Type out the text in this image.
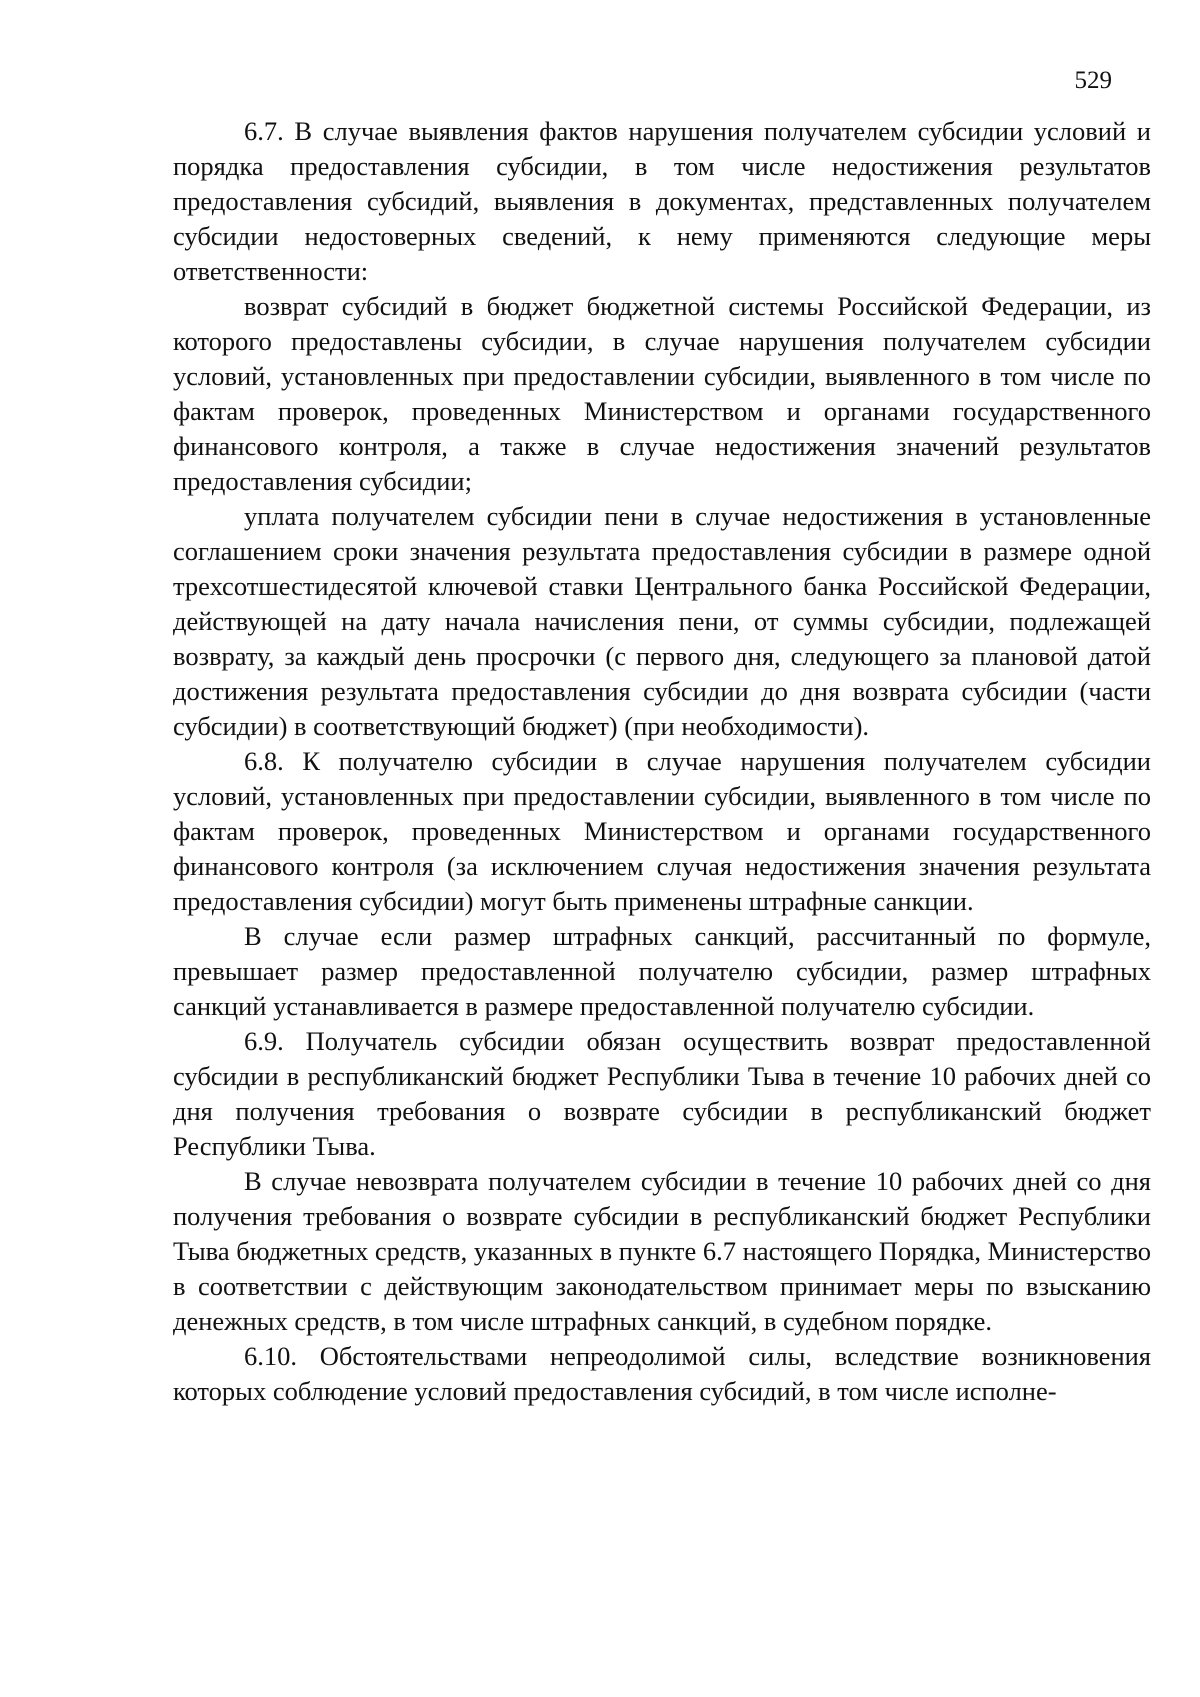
529

6.7. В случае выявления фактов нарушения получателем субсидии условий и порядка предоставления субсидии, в том числе недостижения результатов предоставления субсидий, выявления в документах, представленных получателем субсидии недостоверных сведений, к нему применяются следующие меры ответственности:

возврат субсидий в бюджет бюджетной системы Российской Федерации, из которого предоставлены субсидии, в случае нарушения получателем субсидии условий, установленных при предоставлении субсидии, выявленного в том числе по фактам проверок, проведенных Министерством и органами государственного финансового контроля, а также в случае недостижения значений результатов предоставления субсидии;

уплата получателем субсидии пени в случае недостижения в установленные соглашением сроки значения результата предоставления субсидии в размере одной трехсотшестидесятой ключевой ставки Центрального банка Российской Федерации, действующей на дату начала начисления пени, от суммы субсидии, подлежащей возврату, за каждый день просрочки (с первого дня, следующего за плановой датой достижения результата предоставления субсидии до дня возврата субсидии (части субсидии) в соответствующий бюджет) (при необходимости).

6.8. К получателю субсидии в случае нарушения получателем субсидии условий, установленных при предоставлении субсидии, выявленного в том числе по фактам проверок, проведенных Министерством и органами государственного финансового контроля (за исключением случая недостижения значения результата предоставления субсидии) могут быть применены штрафные санкции.

В случае если размер штрафных санкций, рассчитанный по формуле, превышает размер предоставленной получателю субсидии, размер штрафных санкций устанавливается в размере предоставленной получателю субсидии.

6.9. Получатель субсидии обязан осуществить возврат предоставленной субсидии в республиканский бюджет Республики Тыва в течение 10 рабочих дней со дня получения требования о возврате субсидии в республиканский бюджет Республики Тыва.

В случае невозврата получателем субсидии в течение 10 рабочих дней со дня получения требования о возврате субсидии в республиканский бюджет Республики Тыва бюджетных средств, указанных в пункте 6.7 настоящего Порядка, Министерство в соответствии с действующим законодательством принимает меры по взысканию денежных средств, в том числе штрафных санкций, в судебном порядке.

6.10. Обстоятельствами непреодолимой силы, вследствие возникновения которых соблюдение условий предоставления субсидий, в том числе исполне-
